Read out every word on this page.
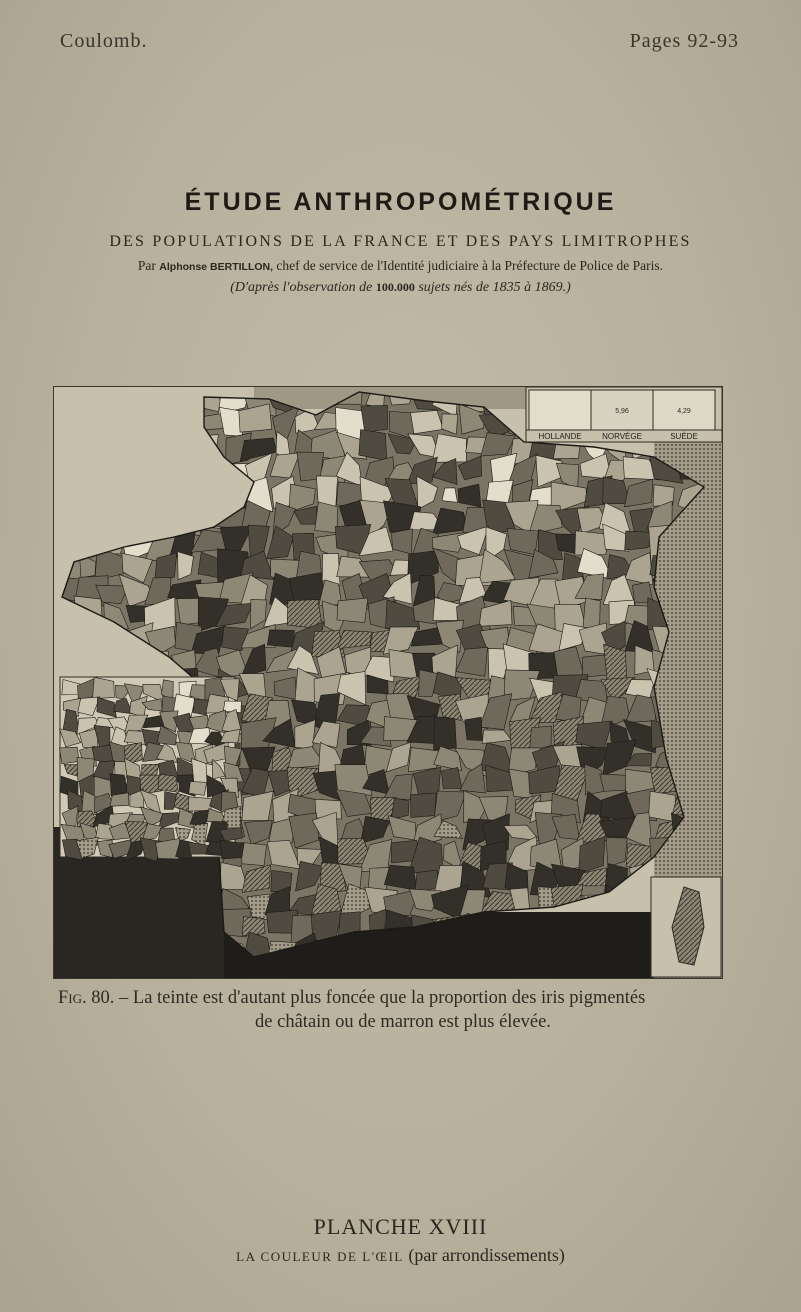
Coulomb.	Pages 92-93
ÉTUDE ANTHROPOMÉTRIQUE
DES POPULATIONS DE LA FRANCE ET DES PAYS LIMITROPHES
Par Alphonse BERTILLON, chef de service de l'Identité judiciaire à la Préfecture de Police de Paris.
(D'après l'observation de 100.000 sujets nés de 1835 à 1869.)
5,96	4,29
HOLLANDE	NORVÈGE	SUÈDE
Fig. 80. – La teinte est d'autant plus foncée que la proportion des iris pigmentés
de châtain ou de marron est plus élevée.
PLANCHE XVIII
LA COULEUR DE L'ŒIL (par arrondissements)
